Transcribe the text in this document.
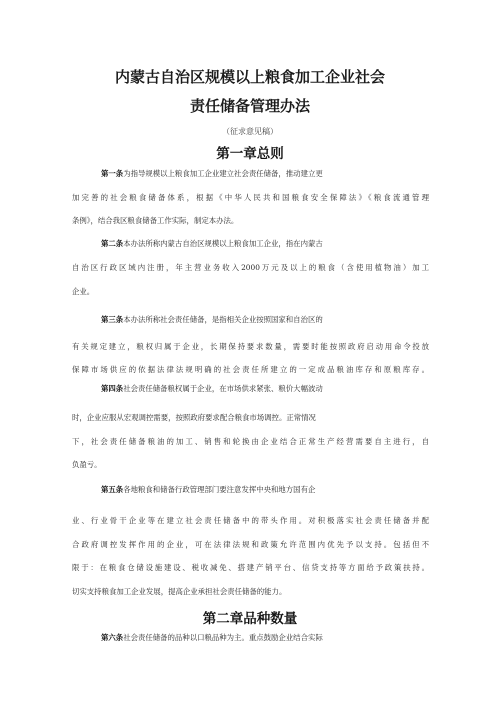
内蒙古自治区规模以上粮食加工企业社会
责任储备管理办法
（征求意见稿）
第一章总则
第一条为指导规模以上粮食加工企业建立社会责任储备，推动建立更
加完善的社会粮食储备体系，根据《中华人民共和国粮食安全保障法》《粮食流通管理
条例》，结合我区粮食储备工作实际，制定本办法。
第二条本办法所称内蒙古自治区规模以上粮食加工企业，指在内蒙古
自治区行政区域内注册，年主营业务收入2000万元及以上的粮食（含使用植物油）加工
企业。
第三条本办法所称社会责任储备，是指相关企业按照国家和自治区的
有关规定建立，粮权归属于企业，长期保持要求数量，需要时能按照政府启动用命令投放
保障市场供应的依据法律法规明确的社会责任所建立的一定成品粮油库存和原粮库存。
第四条社会责任储备粮权属于企业，在市场供求紧张、粮价大幅波动
时，企业应服从宏观调控需要，按照政府要求配合粮食市场调控。正常情况
下，社会责任储备粮油的加工、销售和轮换由企业结合正常生产经营需要自主进行，自
负盈亏。
第五条各地粮食和储备行政管理部门要注意发挥中央和地方国有企
业、行业骨干企业等在建立社会责任储备中的带头作用。对积极落实社会责任储备并配
合政府调控发挥作用的企业，可在法律法规和政策允许范围内优先予以支持。包括但不
限于：在粮食仓储设施建设、税收减免、搭建产销平台、信贷支持等方面给予政策扶持。
切实支持粮食加工企业发展，提高企业承担社会责任储备的能力。
第二章品种数量
第六条社会责任储备的品种以口粮品种为主。重点鼓励企业结合实际
